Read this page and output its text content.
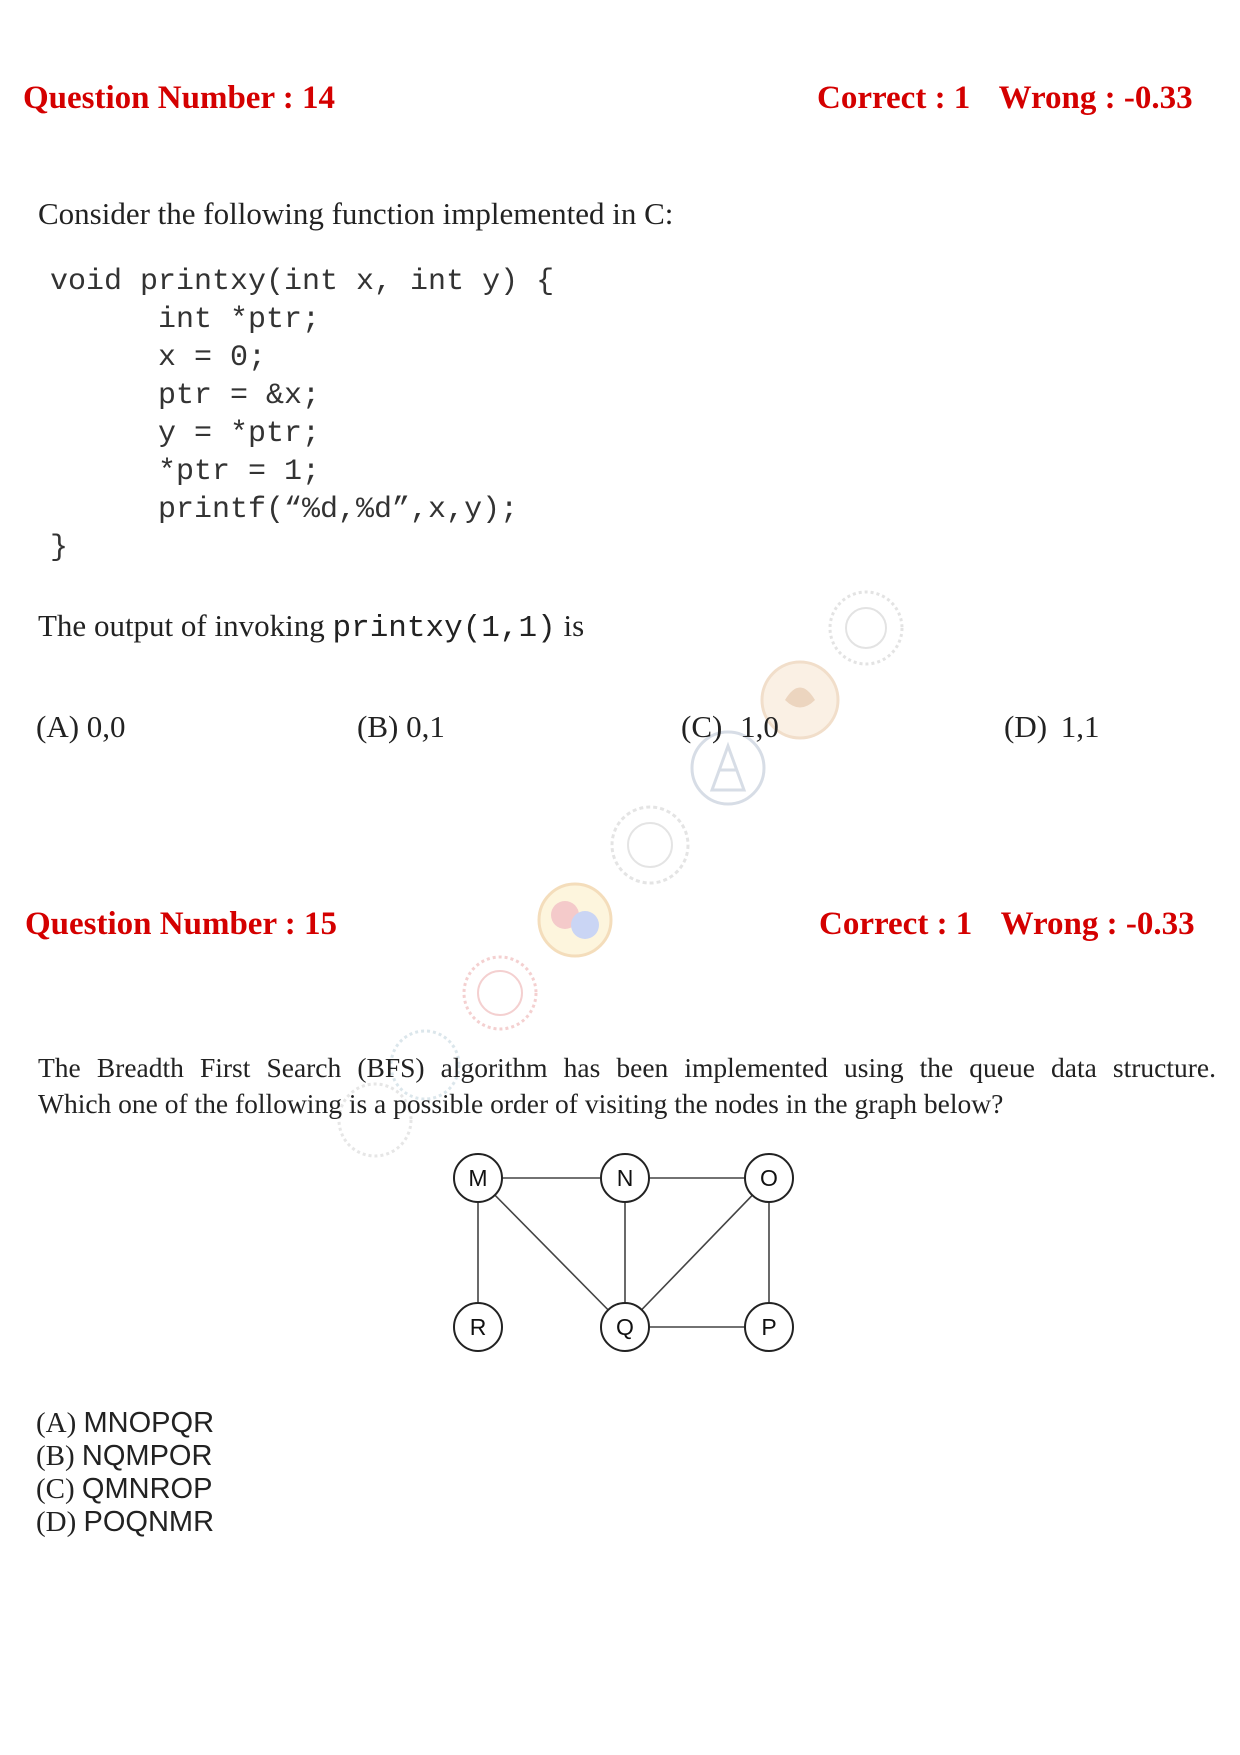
Question Number : 14	Correct : 1 Wrong : -0.33
Consider the following function implemented in C:
void printxy(int x, int y) {
int *ptr;
x = 0;
ptr = &x;
y = *ptr;
*ptr = 1;
printf(“%d,%d”,x,y);
}
The output of invoking printxy(1,1) is
(A) 0,0	(B) 0,1	(C) 1,0	(D) 1,1
Question Number : 15	Correct : 1 Wrong : -0.33
The Breadth First Search (BFS) algorithm has been implemented using the queue data structure.
Which one of the following is a possible order of visiting the nodes in the graph below?
M	N	O
R	Q	P
(A) MNOPQR
(B) NQMPOR
(C) QMNROP
(D) POQNMR
